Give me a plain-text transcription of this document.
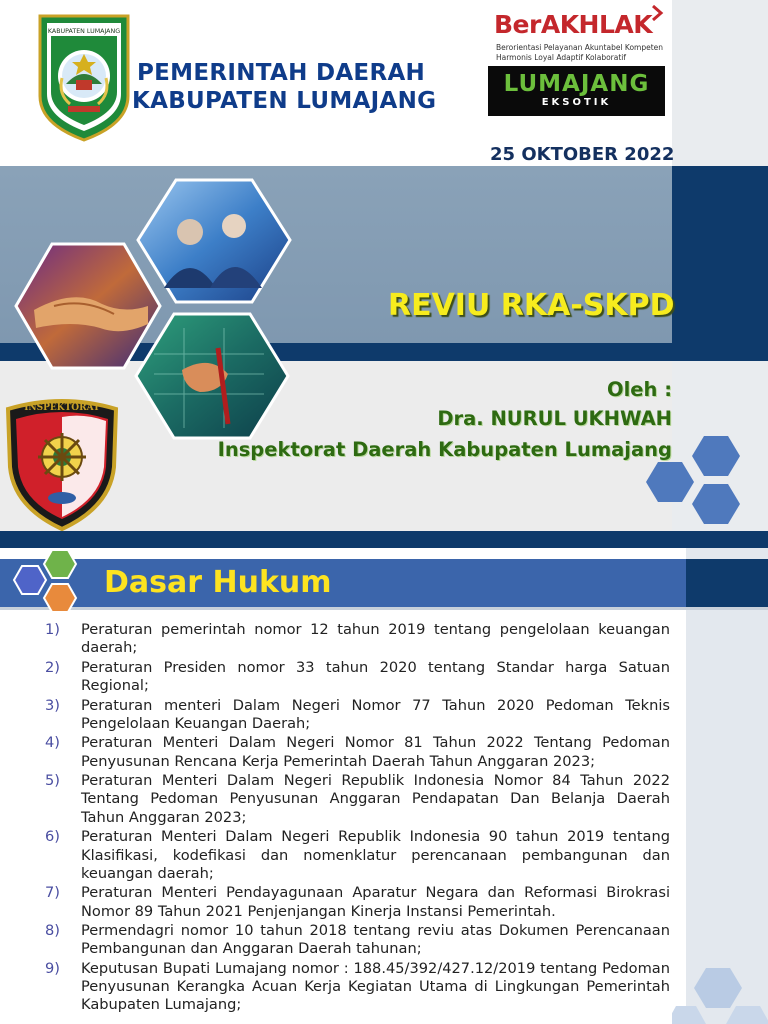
KABUPATEN LUMAJANG
PEMERINTAH DAERAH
KABUPATEN LUMAJANG
BerAKHLAK
Berorientasi Pelayanan Akuntabel Kompeten
Harmonis Loyal Adaptif Kolaboratif
LUMAJANG
EKSOTIK
25 OKTOBER 2022
REVIU RKA-SKPD
Oleh :
Dra. NURUL UKHWAH
Inspektorat Daerah Kabupaten Lumajang
INSPEKTORAT
Dasar Hukum
1)	Peraturan pemerintah nomor 12 tahun 2019 tentang pengelolaan keuangan daerah;
2)	Peraturan Presiden nomor 33 tahun 2020 tentang Standar harga Satuan Regional;
3)	Peraturan menteri Dalam Negeri Nomor 77 Tahun 2020 Pedoman Teknis Pengelolaan Keuangan Daerah;
4)	Peraturan Menteri Dalam Negeri Nomor 81 Tahun 2022 Tentang Pedoman Penyusunan Rencana Kerja Pemerintah Daerah Tahun Anggaran 2023;
5)	Peraturan Menteri Dalam Negeri Republik Indonesia Nomor 84 Tahun 2022 Tentang Pedoman Penyusunan Anggaran Pendapatan Dan Belanja Daerah Tahun Anggaran 2023;
6)	Peraturan Menteri Dalam Negeri Republik Indonesia 90 tahun 2019 tentang Klasifikasi, kodefikasi dan nomenklatur perencanaan pembangunan dan keuangan daerah;
7)	Peraturan Menteri Pendayagunaan Aparatur Negara dan Reformasi Birokrasi Nomor 89 Tahun 2021 Penjenjangan Kinerja Instansi Pemerintah.
8)	Permendagri nomor 10 tahun 2018 tentang reviu atas Dokumen Perencanaan Pembangunan dan Anggaran Daerah tahunan;
9)	Keputusan Bupati Lumajang nomor : 188.45/392/427.12/2019 tentang Pedoman Penyusunan Kerangka Acuan Kerja Kegiatan Utama di Lingkungan Pemerintah Kabupaten Lumajang;
